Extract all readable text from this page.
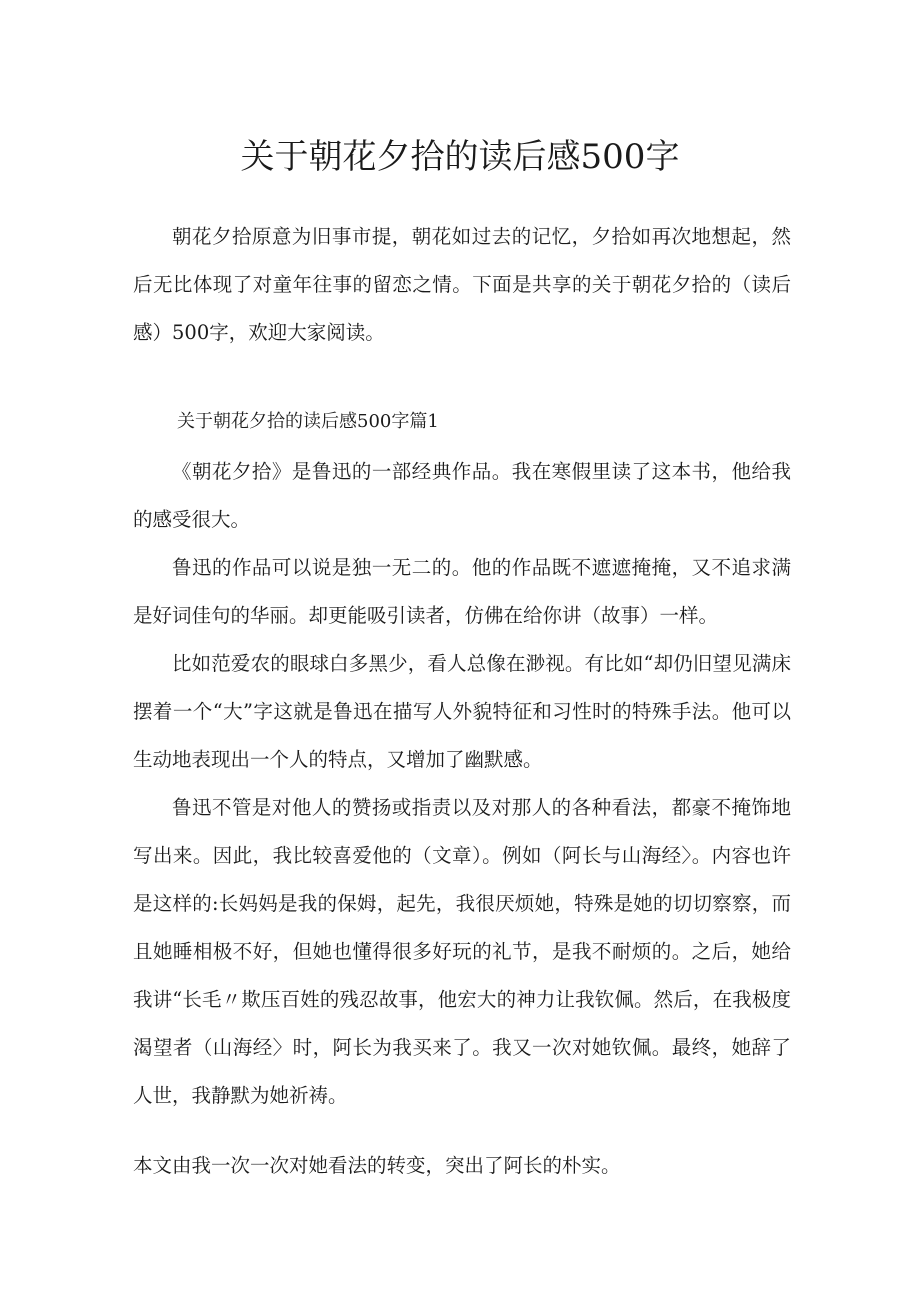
关于朝花夕拾的读后感500字

朝花夕拾原意为旧事市提，朝花如过去的记忆，夕拾如再次地想起，然后无比体现了对童年往事的留恋之情。下面是共享的关于朝花夕拾的（读后感）500字，欢迎大家阅读。

关于朝花夕拾的读后感500字篇1

《朝花夕拾》是鲁迅的一部经典作品。我在寒假里读了这本书，他给我的感受很大。

鲁迅的作品可以说是独一无二的。他的作品既不遮遮掩掩，又不追求满是好词佳句的华丽。却更能吸引读者，仿佛在给你讲（故事）一样。

比如范爱农的眼球白多黑少，看人总像在渺视。有比如“却仍旧望见满床摆着一个“大”字这就是鲁迅在描写人外貌特征和习性时的特殊手法。他可以生动地表现出一个人的特点，又增加了幽默感。

鲁迅不管是对他人的赞扬或指责以及对那人的各种看法，都豪不掩饰地写出来。因此，我比较喜爱他的（文章）。例如（阿长与山海经〉。内容也许是这样的:长妈妈是我的保姆，起先，我很厌烦她，特殊是她的切切察察，而且她睡相极不好，但她也懂得很多好玩的礼节，是我不耐烦的。之后，她给我讲“长毛〃欺压百姓的残忍故事，他宏大的神力让我钦佩。然后，在我极度渴望者（山海经〉时，阿长为我买来了。我又一次对她钦佩。最终，她辞了人世，我静默为她祈祷。

本文由我一次一次对她看法的转变，突出了阿长的朴实。
